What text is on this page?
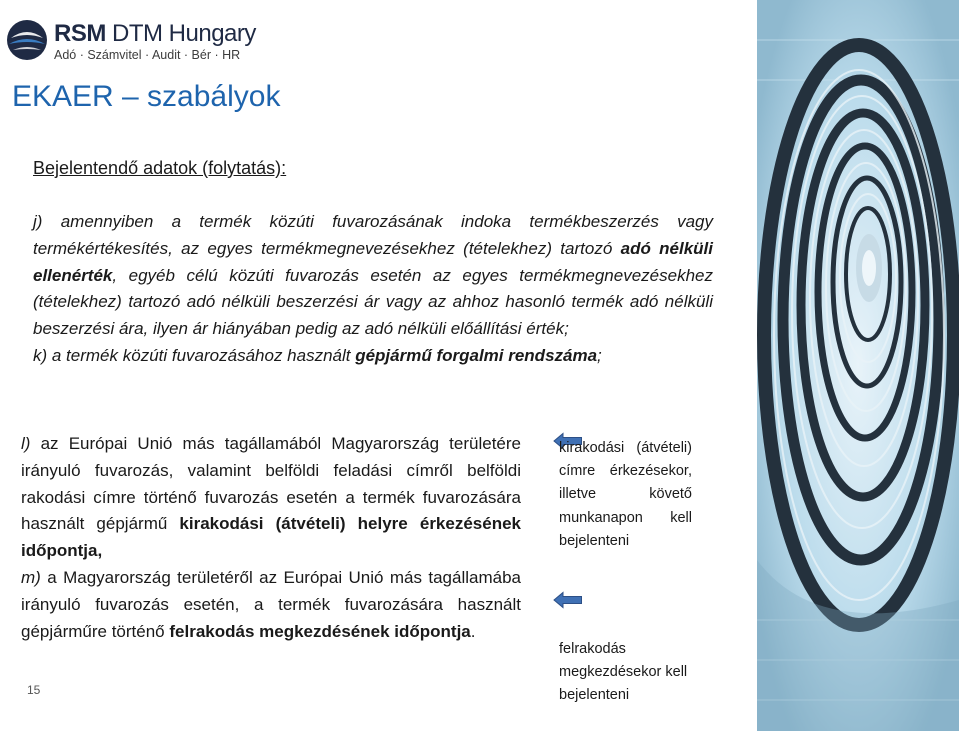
RSM DTM Hungary
Adó · Számvitel · Audit · Bér · HR
EKAER – szabályok
Bejelentendő adatok (folytatás):
j) amennyiben a termék közúti fuvarozásának indoka termékbeszerzés vagy termékértékesítés, az egyes termékmegnevezésekhez (tételekhez) tartozó adó nélküli ellenérték, egyéb célú közúti fuvarozás esetén az egyes termékmegnevezésekhez (tételekhez) tartozó adó nélküli beszerzési ár vagy az ahhoz hasonló termék adó nélküli beszerzési ára, ilyen ár hiányában pedig az adó nélküli előállítási érték;
k) a termék közúti fuvarozásához használt gépjármű forgalmi rendszáma;
l) az Európai Unió más tagállamából Magyarország területére irányuló fuvarozás, valamint belföldi feladási címről belföldi rakodási címre történő fuvarozás esetén a termék fuvarozására használt gépjármű kirakodási (átvételi) helyre érkezésének időpontja,
m) a Magyarország területéről az Európai Unió más tagállamába irányuló fuvarozás esetén, a termék fuvarozására használt gépjárműre történő felrakodás megkezdésének időpontja.
kirakodási (átvételi) címre érkezésekor, illetve követő munkanapon kell bejelenteni
felrakodás megkezdésekor kell bejelenteni
15
